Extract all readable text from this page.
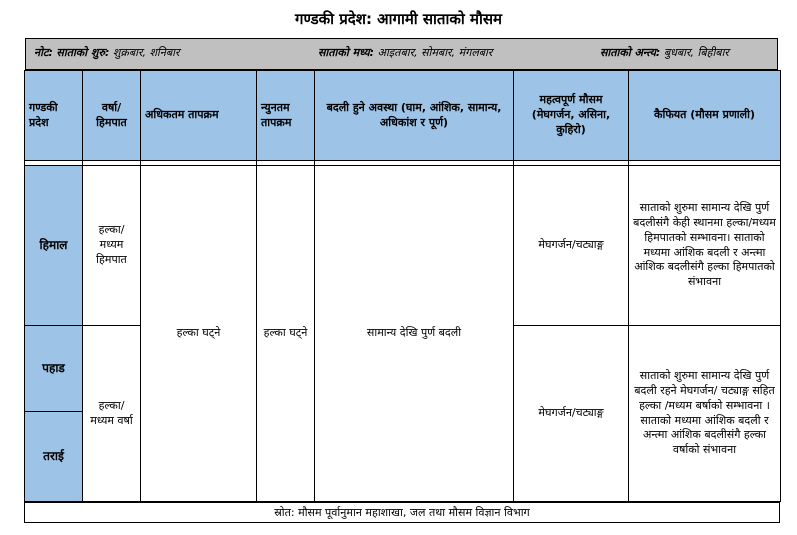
गण्डकी प्रदेश: आगामी साताको मौसम
नोट: साताको शुरु: शुक्रबार, शनिबार	साताको मध्य: आइतबार, सोमबार, मंगलबार	साताको अन्त्य: बुधबार, बिहीबार
गण्डकी प्रदेश	वर्षा/ हिमपात	अधिकतम तापक्रम	न्युनतम तापक्रम	बदली हुने अवस्था (घाम, आंशिक, सामान्य, अधिकांश र पूर्ण)	महत्वपूर्ण मौसम (मेघगर्जन, असिना, कुहिरो)	कैफियत (मौसम प्रणाली)

हिमाल	हल्का/ मध्यम हिमपात	हल्का घट्ने	हल्का घट्ने	सामान्य देखि पुर्ण बदली	मेघगर्जन/चट्याङ्ग	साताको शुरुमा सामान्य देखि पुर्ण बदलीसंगै केही स्थानमा हल्का/मध्यम हिमपातको सम्भावना। साताको मध्यमा आंशिक बदली र अन्त्मा आंशिक बदलीसंगै हल्का हिमपातको संभावना
पहाड	हल्का/ मध्यम वर्षा				मेघगर्जन/चट्याङ्ग	साताको शुरुमा सामान्य देखि पुर्ण बदली रहने मेघगर्जन/ चट्याङ्ग सहित हल्का /मध्यम बर्षाको सम्भावना । साताको मध्यमा आंशिक बदली र अन्त्मा आंशिक बदलीसंगै हल्का वर्षाको संभावना
तराई						
स्रोत: मौसम पूर्वानुमान महाशाखा, जल तथा मौसम विज्ञान विभाग
